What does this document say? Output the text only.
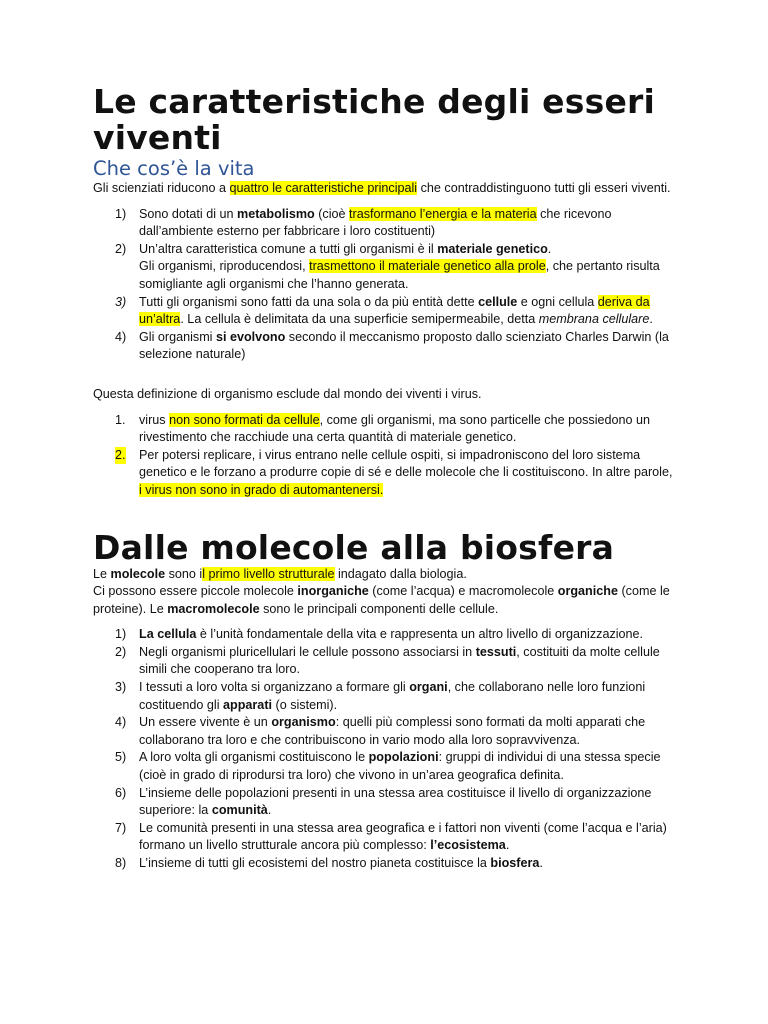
Le caratteristiche degli esseri viventi
Che cos’è la vita

Gli scienziati riducono a quattro le caratteristiche principali che contraddistinguono tutti gli esseri viventi.

1) Sono dotati di un metabolismo (cioè trasformano l’energia e la materia che ricevono dall’ambiente esterno per fabbricare i loro costituenti)
2) Un’altra caratteristica comune a tutti gli organismi è il materiale genetico.
Gli organismi, riproducendosi, trasmettono il materiale genetico alla prole, che pertanto risulta somigliante agli organismi che l’hanno generata.
3) Tutti gli organismi sono fatti da una sola o da più entità dette cellule e ogni cellula deriva da un’altra. La cellula è delimitata da una superficie semipermeabile, detta membrana cellulare.
4) Gli organismi si evolvono secondo il meccanismo proposto dallo scienziato Charles Darwin (la selezione naturale)

Questa definizione di organismo esclude dal mondo dei viventi i virus.

1. virus non sono formati da cellule, come gli organismi, ma sono particelle che possiedono un rivestimento che racchiude una certa quantità di materiale genetico.
2. Per potersi replicare, i virus entrano nelle cellule ospiti, si impadroniscono del loro sistema genetico e le forzano a produrre copie di sé e delle molecole che li costituiscono. In altre parole, i virus non sono in grado di automantenersi.
Dalle molecole alla biosfera

Le molecole sono il primo livello strutturale indagato dalla biologia.

Ci possono essere piccole molecole inorganiche (come l’acqua) e macromolecole organiche (come le proteine). Le macromolecole sono le principali componenti delle cellule.

1) La cellula è l’unità fondamentale della vita e rappresenta un altro livello di organizzazione.
2) Negli organismi pluricellulari le cellule possono associarsi in tessuti, costituiti da molte cellule simili che cooperano tra loro.
3) I tessuti a loro volta si organizzano a formare gli organi, che collaborano nelle loro funzioni costituendo gli apparati (o sistemi).
4) Un essere vivente è un organismo: quelli più complessi sono formati da molti apparati che collaborano tra loro e che contribuiscono in vario modo alla loro sopravvivenza.
5) A loro volta gli organismi costituiscono le popolazioni: gruppi di individui di una stessa specie (cioè in grado di riprodursi tra loro) che vivono in un’area geografica definita.
6) L’insieme delle popolazioni presenti in una stessa area costituisce il livello di organizzazione superiore: la comunità.
7) Le comunità presenti in una stessa area geografica e i fattori non viventi (come l’acqua e l’aria) formano un livello strutturale ancora più complesso: l’ecosistema.
8) L’insieme di tutti gli ecosistemi del nostro pianeta costituisce la biosfera.
